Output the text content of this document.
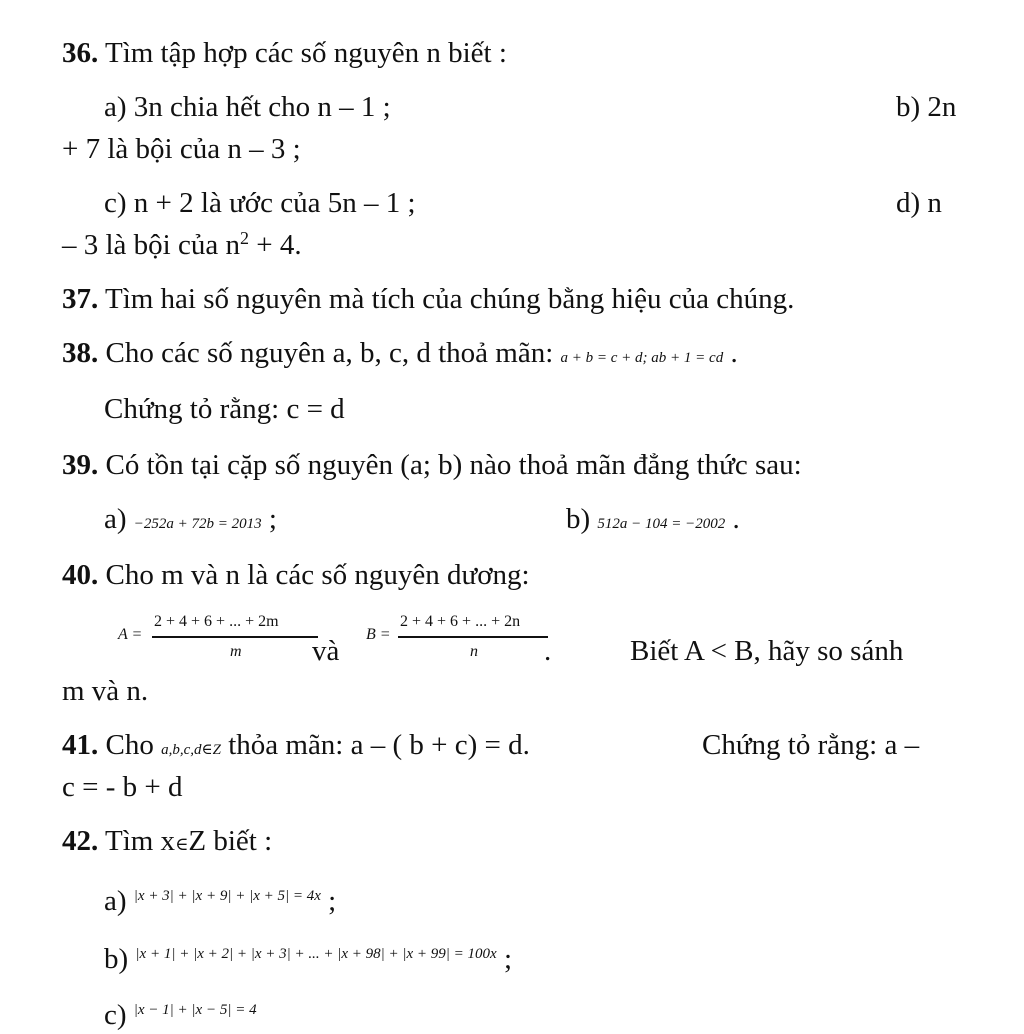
36. Tìm tập hợp các số nguyên n biết :
a) 3n chia hết cho n – 1 ;	b) 2n
+ 7 là bội của n – 3 ;
c) n + 2 là ước của 5n – 1 ;	d) n
– 3 là bội của $n^2 + 4$.
37. Tìm hai số nguyên mà tích của chúng bằng hiệu của chúng.
38. Cho các số nguyên a, b, c, d thoả mãn: a + b = c + d; ab + 1 = cd .
Chứng tỏ rằng: c = d
39. Có tồn tại cặp số nguyên (a; b) nào thoả mãn đẳng thức sau:
a) −252a + 72b = 2013 ;	b) 512a − 104 = −2002 .
40. Cho m và n là các số nguyên dương:
A =
2 + 4 + 6 + ... + 2m
m và
B =
2 + 4 + 6 + ... + 2n
n .	Biết A < B, hãy so sánh
m và n.
41. Cho a,b,c,d∈Z thỏa mãn: a – ( b + c) = d.	Chứng tỏ rằng: a –
c = - b + d
42. Tìm x∈Z biết :
a) $^{|x + 3| + |x + 9| + |x + 5| = 4x}$ ;
b) $^{|x + 1| + |x + 2| + |x + 3| + ... + |x + 98| + |x + 99| = 100x}$ ;
c) $^{|x - 1| + |x - 5| = 4}$
